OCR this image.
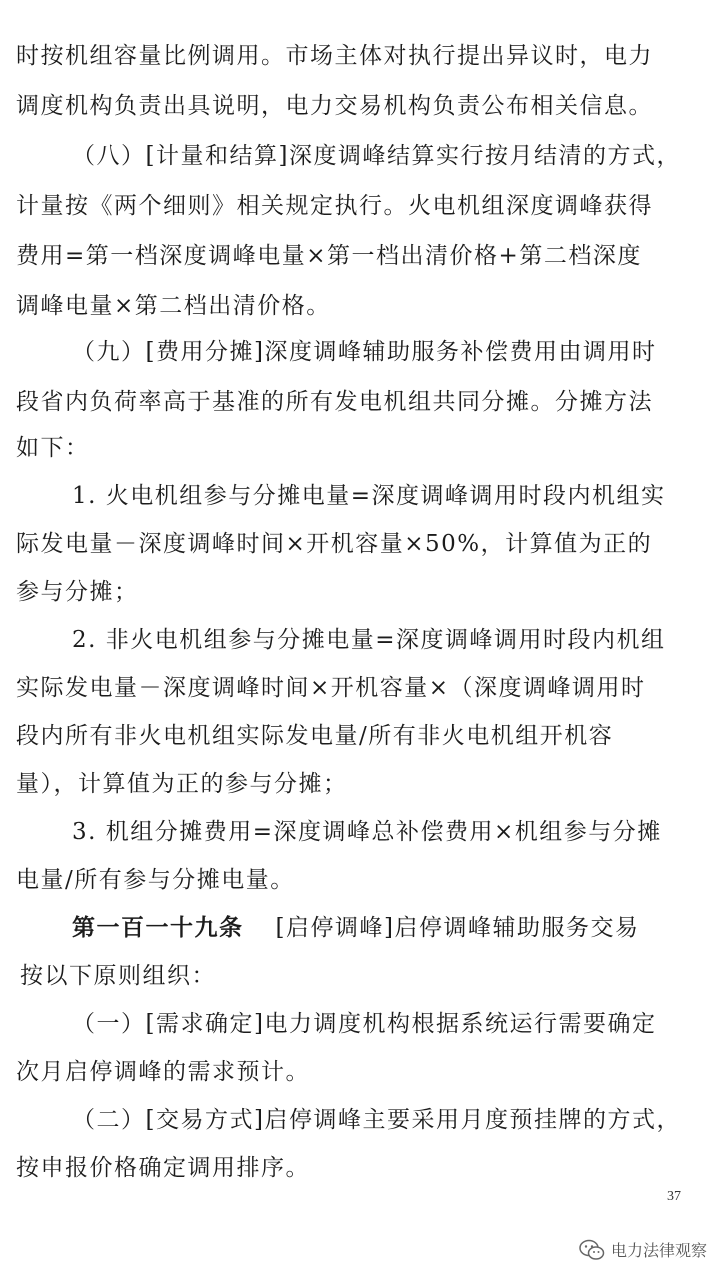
时按机组容量比例调用。市场主体对执行提出异议时，电力
调度机构负责出具说明，电力交易机构负责公布相关信息。
（八）[计量和结算]深度调峰结算实行按月结清的方式，
计量按《两个细则》相关规定执行。火电机组深度调峰获得
费用=第一档深度调峰电量×第一档出清价格+第二档深度
调峰电量×第二档出清价格。
（九）[费用分摊]深度调峰辅助服务补偿费用由调用时
段省内负荷率高于基准的所有发电机组共同分摊。分摊方法
如下：
1. 火电机组参与分摊电量=深度调峰调用时段内机组实
际发电量－深度调峰时间×开机容量×50%，计算值为正的
参与分摊；
2. 非火电机组参与分摊电量=深度调峰调用时段内机组
实际发电量－深度调峰时间×开机容量×（深度调峰调用时
段内所有非火电机组实际发电量/所有非火电机组开机容
量），计算值为正的参与分摊；
3. 机组分摊费用=深度调峰总补偿费用×机组参与分摊
电量/所有参与分摊电量。
第一百一十九条 [启停调峰]启停调峰辅助服务交易
按以下原则组织：
（一）[需求确定]电力调度机构根据系统运行需要确定
次月启停调峰的需求预计。
（二）[交易方式]启停调峰主要采用月度预挂牌的方式，
按申报价格确定调用排序。
37
电力法律观察
